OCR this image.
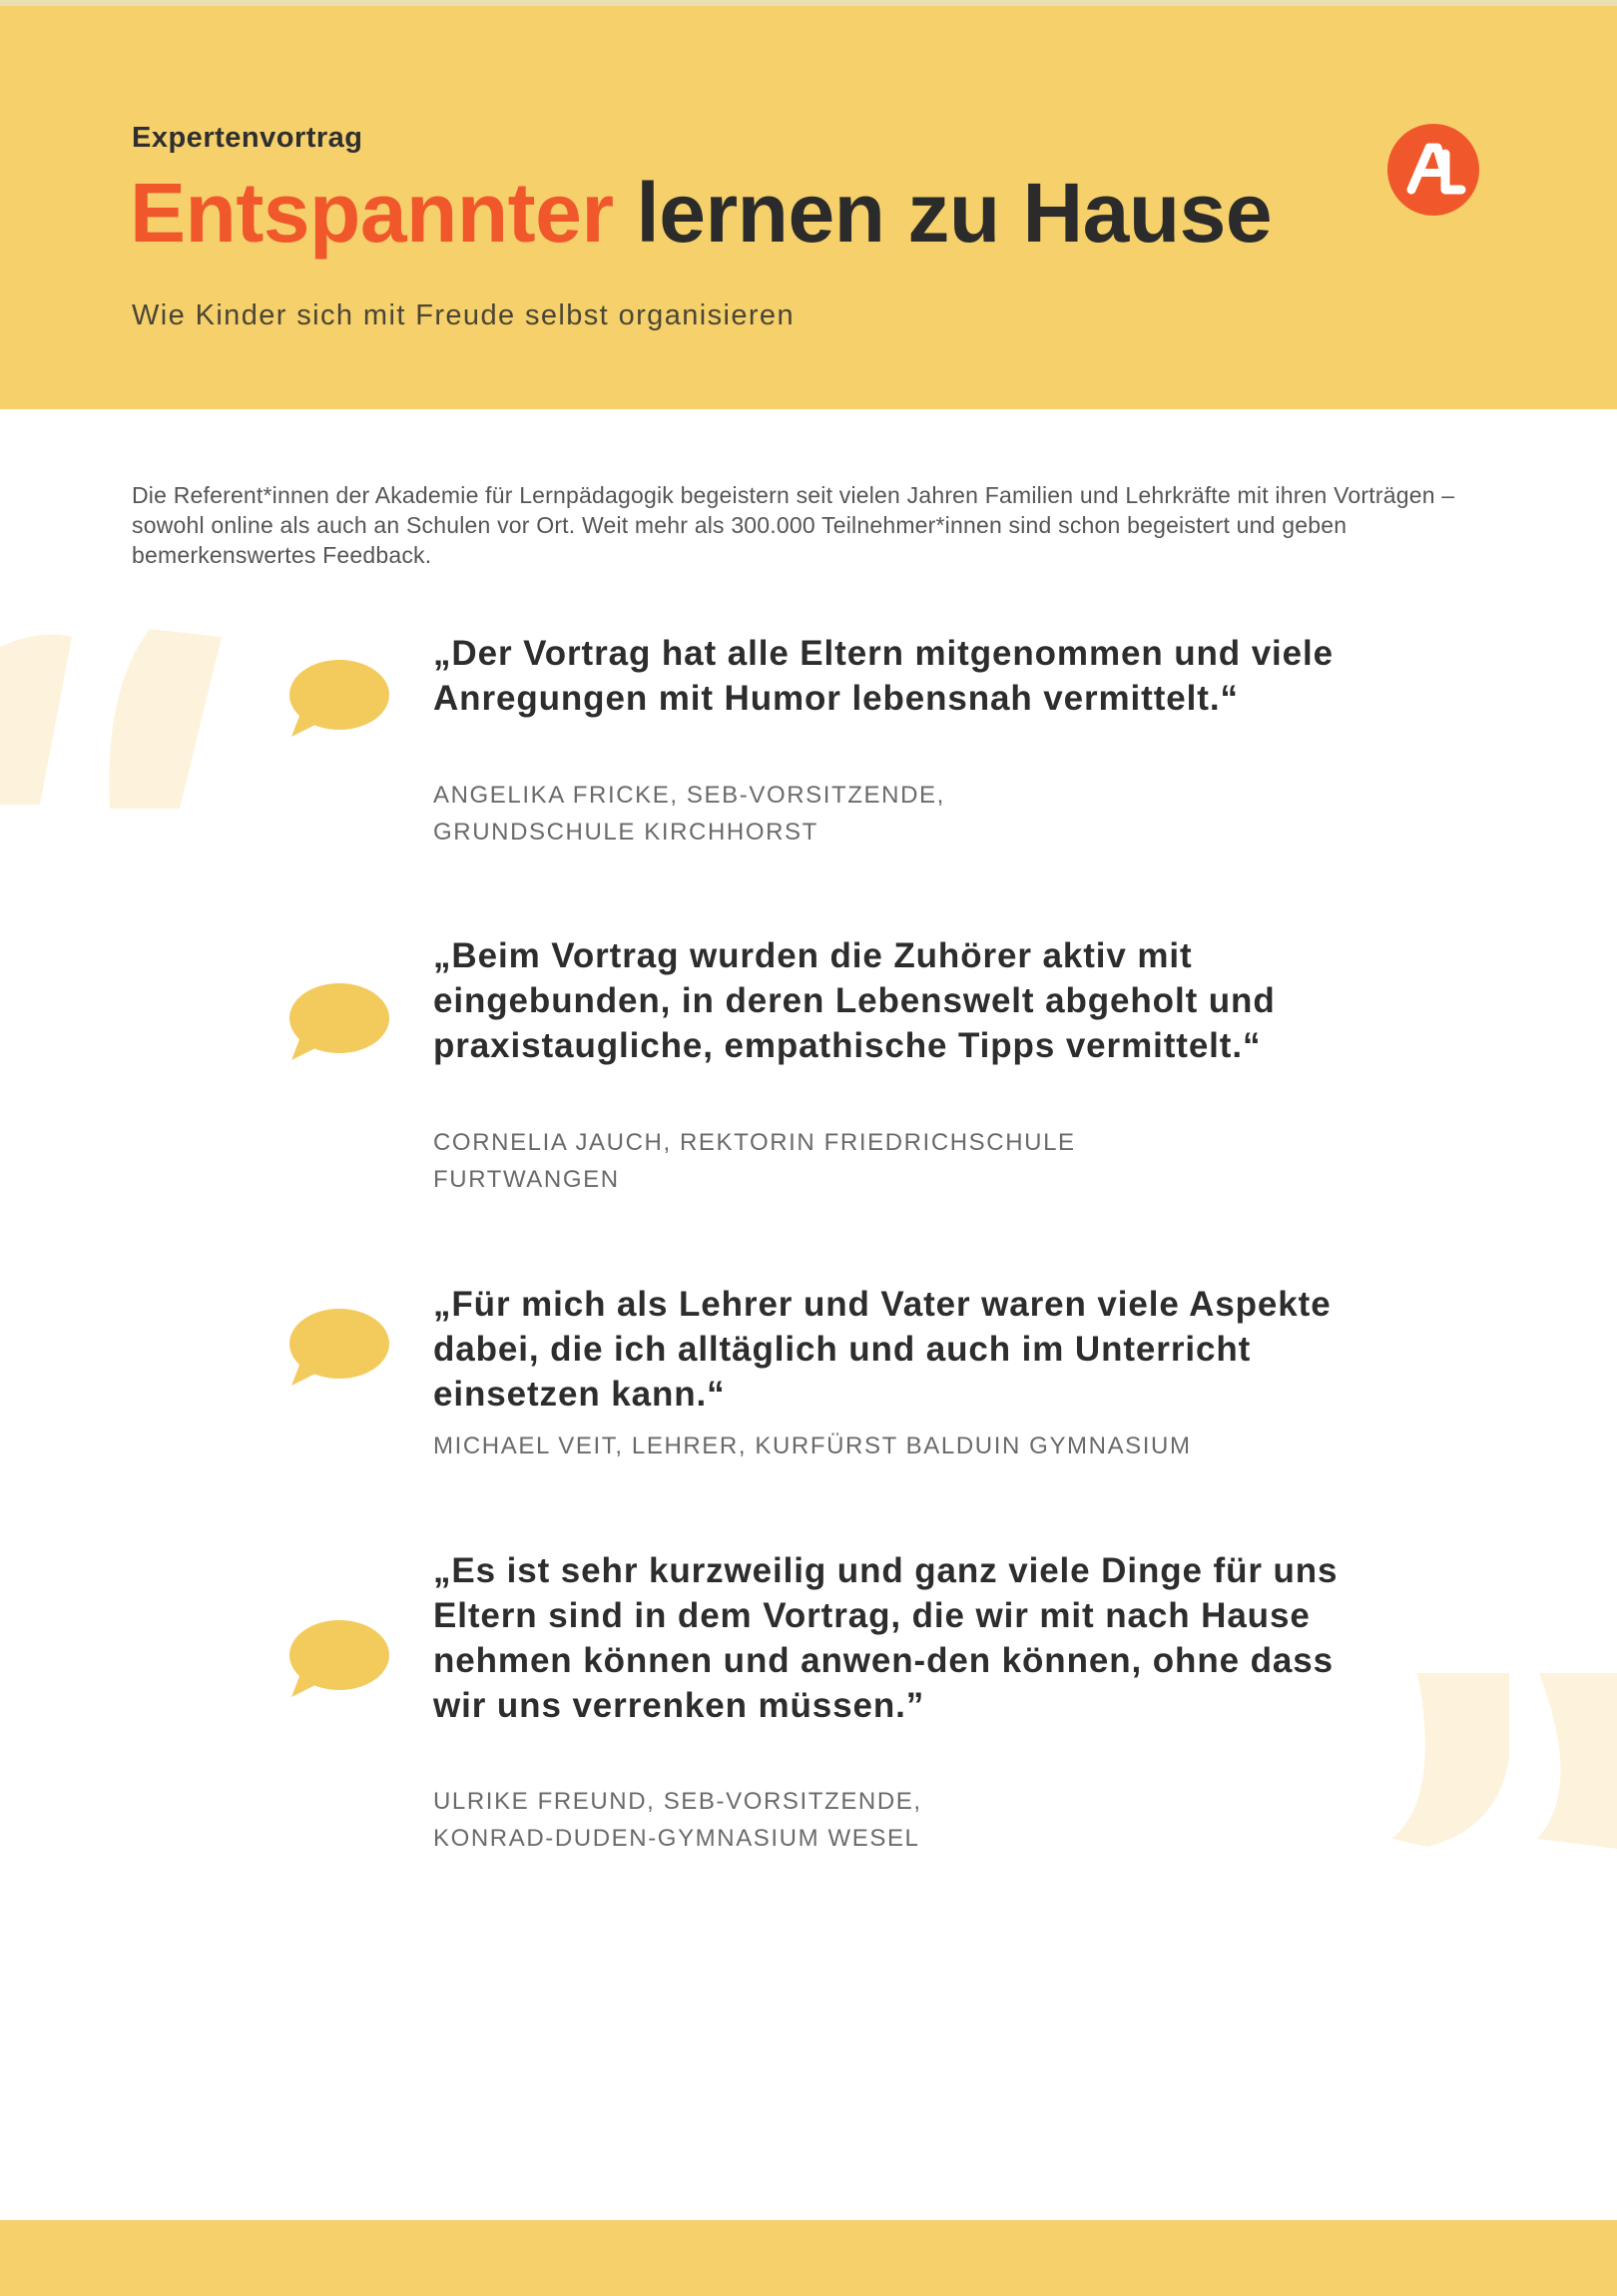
Expertenvortrag
Entspannter lernen zu Hause
Wie Kinder sich mit Freude selbst organisieren

Die Referent*innen der Akademie für Lernpädagogik begeistern seit vielen Jahren Familien und Lehrkräfte mit ihren Vorträgen – sowohl online als auch an Schulen vor Ort. Weit mehr als 300.000 Teilnehmer*innen sind schon begeistert und geben bemerkenswertes Feedback.

„Der Vortrag hat alle Eltern mitgenommen und viele Anregungen mit Humor lebensnah vermittelt.“

ANGELIKA FRICKE, SEB-VORSITZENDE,
GRUNDSCHULE KIRCHHORST

„Beim Vortrag wurden die Zuhörer aktiv mit eingebunden, in deren Lebenswelt abgeholt und praxistaugliche, empathische Tipps vermittelt.“

CORNELIA JAUCH, REKTORIN FRIEDRICHSCHULE
FURTWANGEN

„Für mich als Lehrer und Vater waren viele Aspekte dabei, die ich alltäglich und auch im Unterricht einsetzen kann.“

MICHAEL VEIT, LEHRER, KURFÜRST BALDUIN GYMNASIUM

„Es ist sehr kurzweilig und ganz viele Dinge für uns Eltern sind in dem Vortrag, die wir mit nach Hause nehmen können und anwen-den können, ohne dass wir uns verrenken müssen.”

ULRIKE FREUND, SEB-VORSITZENDE,
KONRAD-DUDEN-GYMNASIUM WESEL
